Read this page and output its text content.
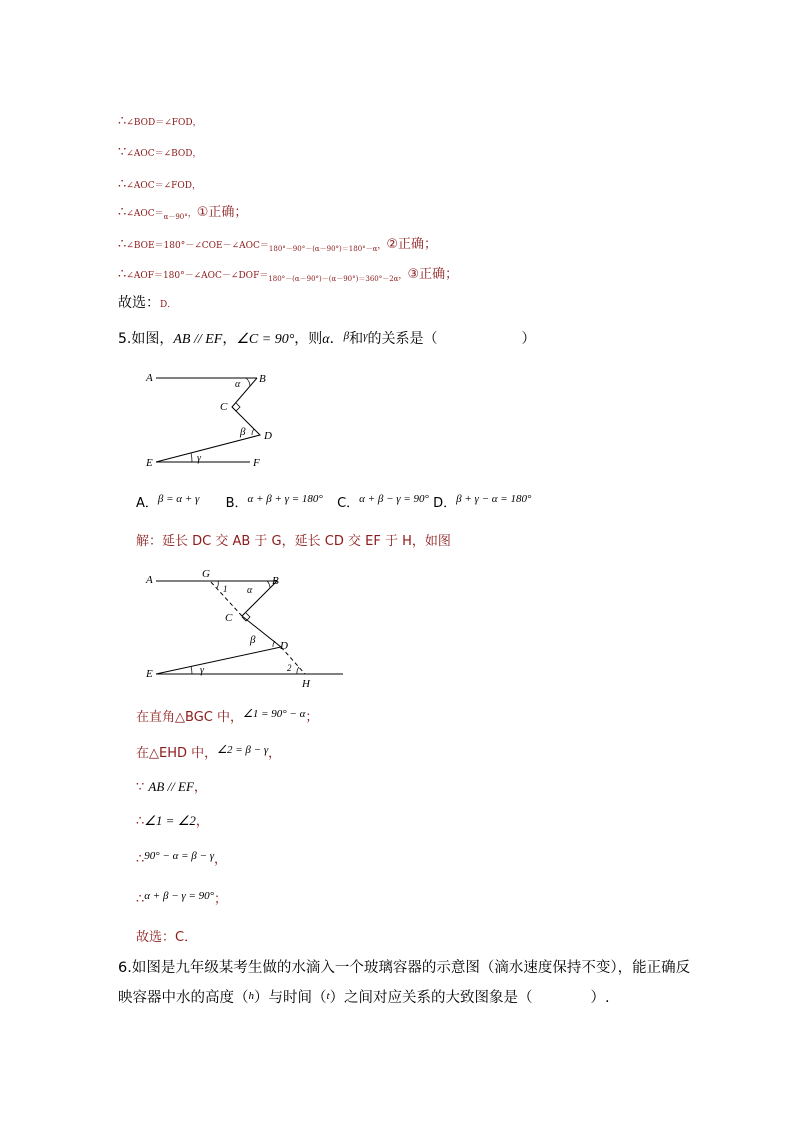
∴∠BOD＝∠FOD，
∵∠AOC＝∠BOD，
∴∠AOC＝∠FOD，
∴∠AOC＝α－90°，①正确；
∴∠BOE＝180°－∠COE－∠AOC＝180°－90°－(α－90°)＝180°－α，②正确；
∴∠AOF＝180°－∠AOC－∠DOF＝180°－(α－90°)－(α－90°)＝360°－2α，③正确；
故选：D．
5.如图，AB // EF，∠C = 90°，则α．$^\beta$和$^\gamma$的关系是（　　　　　　）
A	B
C
D
E	F
α
β
γ
A．$^{\beta = \alpha + \gamma}$ B．$^{\alpha + \beta + \gamma = 180^\circ}$ C．$^{\alpha + \beta - \gamma = 90^\circ}$ D．$^{\beta + \gamma - \alpha = 180^\circ}$
解：延长 DC 交 AB 于 G，延长 CD 交 EF 于 H，如图
A	G
B
C
D
E
H
1
2
α
β
γ
在直角△BGC 中，$^{\angle 1 = 90^\circ - \alpha}$；
在△EHD 中，$^{\angle 2 = \beta - \gamma}$，
∵ AB // EF，
∴∠1 = ∠2，
∴$^{90^\circ - \alpha = \beta - \gamma}$，
∴$^{\alpha + \beta - \gamma = 90^\circ}$；
故选：C．
6.如图是九年级某考生做的水滴入一个玻璃容器的示意图（滴水速度保持不变），能正确反
映容器中水的高度（$^h$）与时间（$^t$）之间对应关系的大致图象是（　　　　）.
